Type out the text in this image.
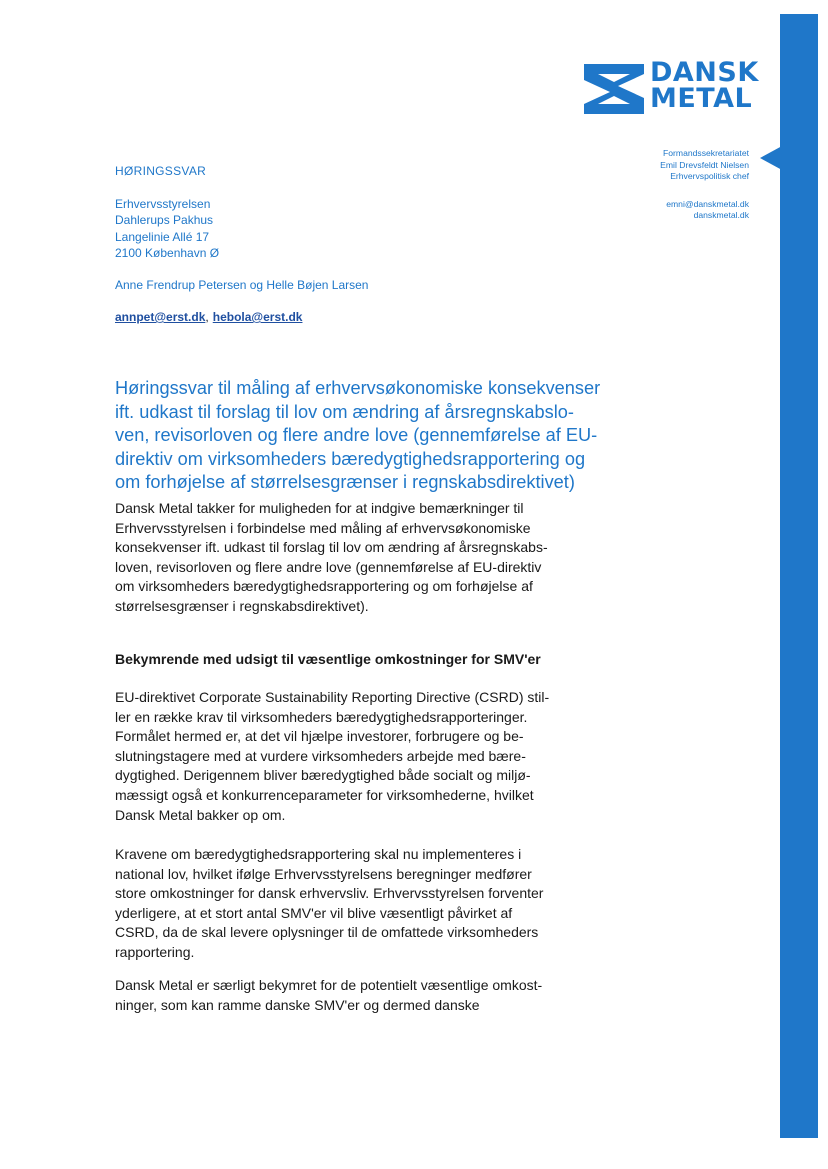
DANSK
METAL
Formandssekretariatet
Emil Drevsfeldt Nielsen
Erhvervspolitisk chef
emni@danskmetal.dk
danskmetal.dk
HØRINGSSVAR
Erhvervsstyrelsen
Dahlerups Pakhus
Langelinie Allé 17
2100 København Ø
Anne Frendrup Petersen og Helle Bøjen Larsen
annpet@erst.dk, hebola@erst.dk
Høringssvar til måling af erhvervsøkonomiske konsekvenser
ift. udkast til forslag til lov om ændring af årsregnskabslo-
ven, revisorloven og flere andre love (gennemførelse af EU-
direktiv om virksomheders bæredygtighedsrapportering og
om forhøjelse af størrelsesgrænser i regnskabsdirektivet)
Dansk Metal takker for muligheden for at indgive bemærkninger til
Erhvervsstyrelsen i forbindelse med måling af erhvervsøkonomiske
konsekvenser ift. udkast til forslag til lov om ændring af årsregnskabs-
loven, revisorloven og flere andre love (gennemførelse af EU-direktiv
om virksomheders bæredygtighedsrapportering og om forhøjelse af
størrelsesgrænser i regnskabsdirektivet).
Bekymrende med udsigt til væsentlige omkostninger for SMV'er
EU-direktivet Corporate Sustainability Reporting Directive (CSRD) stil-
ler en række krav til virksomheders bæredygtighedsrapporteringer.
Formålet hermed er, at det vil hjælpe investorer, forbrugere og be-
slutningstagere med at vurdere virksomheders arbejde med bære-
dygtighed. Derigennem bliver bæredygtighed både socialt og miljø-
mæssigt også et konkurrenceparameter for virksomhederne, hvilket
Dansk Metal bakker op om.
Kravene om bæredygtighedsrapportering skal nu implementeres i
national lov, hvilket ifølge Erhvervsstyrelsens beregninger medfører
store omkostninger for dansk erhvervsliv. Erhvervsstyrelsen forventer
yderligere, at et stort antal SMV'er vil blive væsentligt påvirket af
CSRD, da de skal levere oplysninger til de omfattede virksomheders
rapportering.
Dansk Metal er særligt bekymret for de potentielt væsentlige omkost-
ninger, som kan ramme danske SMV'er og dermed danske
